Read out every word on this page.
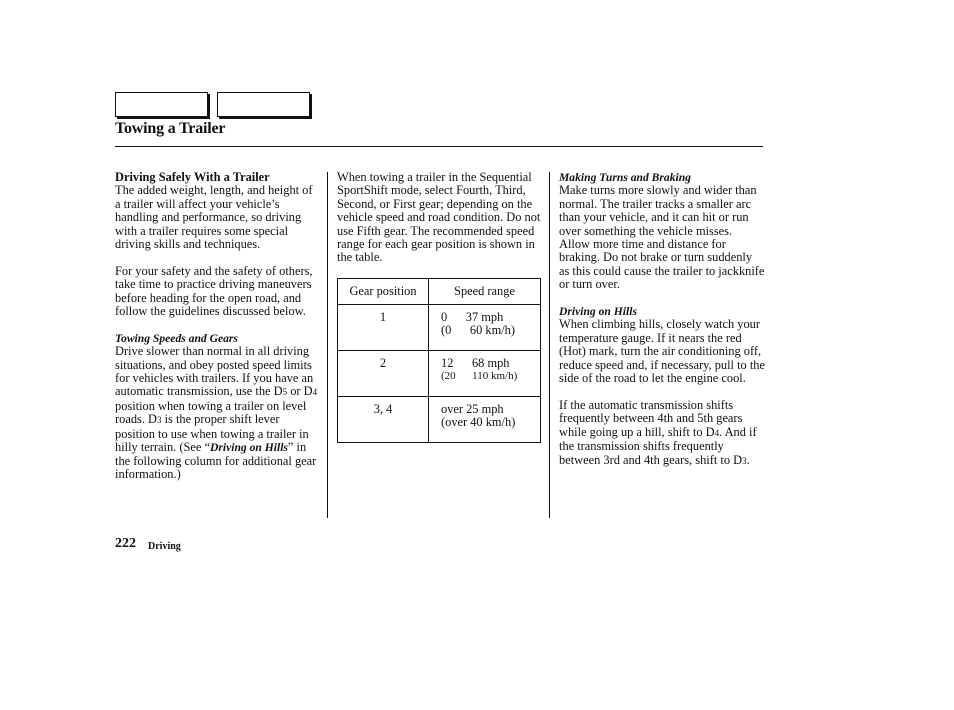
Towing a Trailer
Driving Safely With a Trailer

The added weight, length, and height of a trailer will affect your vehicle’s handling and performance, so driving with a trailer requires some special driving skills and techniques.

For your safety and the safety of others, take time to practice driving maneuvers before heading for the open road, and follow the guidelines discussed below.

Towing Speeds and Gears

Drive slower than normal in all driving situations, and obey posted speed limits for vehicles with trailers. If you have an automatic transmission, use the D5 or D4 position when towing a trailer on level roads. D3 is the proper shift lever position to use when towing a trailer in hilly terrain. (See “Driving on Hills” in the following column for additional gear information.)

When towing a trailer in the Sequential SportShift mode, select Fourth, Third, Second, or First gear; depending on the vehicle speed and road condition. Do not use Fifth gear. The recommended speed range for each gear position is shown in the table.
Gear position	Speed range
1	0      37 mph
(0      60 km/h)

2	12      68 mph
(20      110 km/h)

3, 4	over 25 mph
(over 40 km/h)
Making Turns and Braking

Make turns more slowly and wider than normal. The trailer tracks a smaller arc than your vehicle, and it can hit or run over something the vehicle misses. Allow more time and distance for braking. Do not brake or turn suddenly as this could cause the trailer to jackknife or turn over.

Driving on Hills

When climbing hills, closely watch your temperature gauge. If it nears the red (Hot) mark, turn the air conditioning off, reduce speed and, if necessary, pull to the side of the road to let the engine cool.

If the automatic transmission shifts frequently between 4th and 5th gears while going up a hill, shift to D4. And if the transmission shifts frequently between 3rd and 4th gears, shift to D3.

222 Driving
